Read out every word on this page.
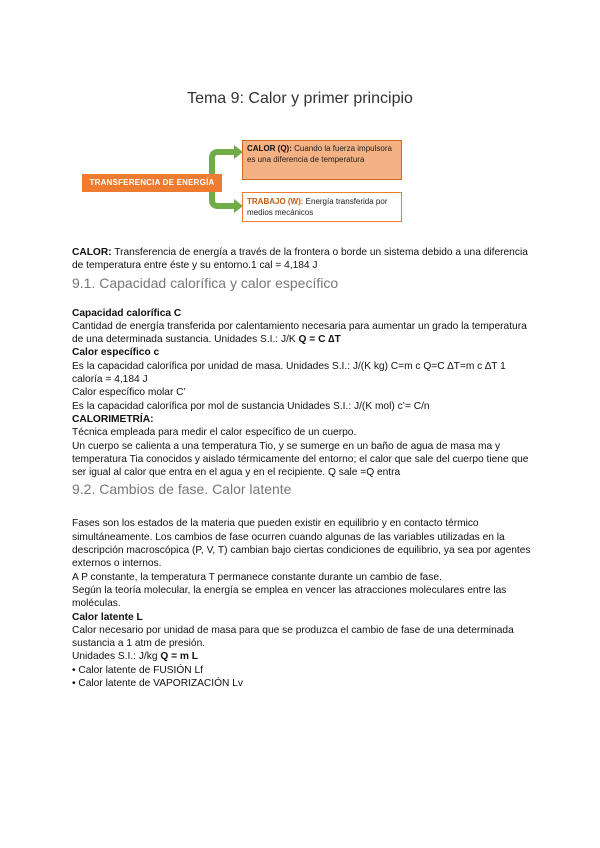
Tema 9: Calor y primer principio
TRANSFERENCIA DE ENERGÍA
CALOR (Q): Cuando la fuerza impulsora es una diferencia de temperatura
TRABAJO (W): Energía transferida por medios mecánicos

CALOR: Transferencia de energía a través de la frontera o borde un sistema debido a una diferencia de temperatura entre éste y su entorno.1 cal = 4,184 J

9.1. Capacidad calorífica y calor específico

Capacidad calorífica C

Cantidad de energía transferida por calentamiento necesaria para aumentar un grado la temperatura de una determinada sustancia. Unidades S.I.: J/K Q = C ∆T

Calor específico c

Es la capacidad calorífica por unidad de masa. Unidades S.I.: J/(K kg) C=m c Q=C ∆T=m c ∆T 1 caloría = 4,184 J

Calor específico molar C’

Es la capacidad calorífica por mol de sustancia Unidades S.I.: J/(K mol) c’= C/n

CALORIMETRÍA:

Técnica empleada para medir el calor específico de un cuerpo.

Un cuerpo se calienta a una temperatura Tio, y se sumerge en un baño de agua de masa ma y temperatura Tia conocidos y aislado térmicamente del entorno; el calor que sale del cuerpo tiene que ser igual al calor que entra en el agua y en el recipiente. Q sale =Q entra

9.2. Cambios de fase. Calor latente

Fases son los estados de la materia que pueden existir en equilibrio y en contacto térmico simultáneamente. Los cambios de fase ocurren cuando algunas de las variables utilizadas en la descripción macroscópica (P, V, T) cambian bajo ciertas condiciones de equilibrio, ya sea por agentes externos o internos.

A P constante, la temperatura T permanece constante durante un cambio de fase.

Según la teoría molecular, la energía se emplea en vencer las atracciones moleculares entre las moléculas.

Calor latente L

Calor necesario por unidad de masa para que se produzca el cambio de fase de una determinada sustancia a 1 atm de presión.

Unidades S.I.: J/kg Q = m L

• Calor latente de FUSIÓN Lf

• Calor latente de VAPORIZACIÓN Lv
